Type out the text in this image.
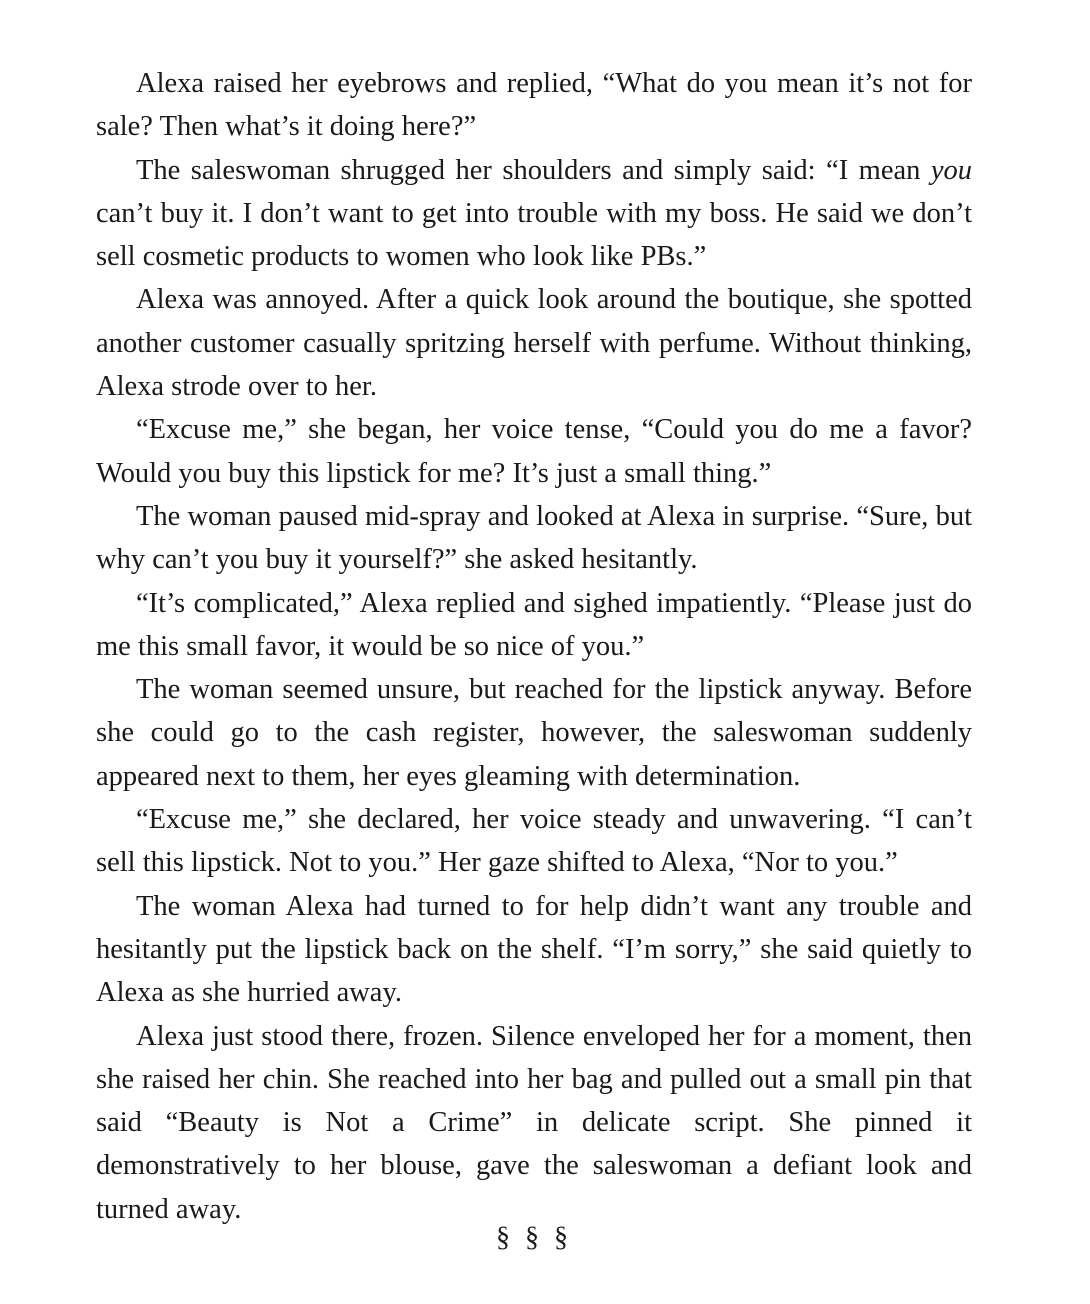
Alexa raised her eyebrows and replied, “What do you mean it’s not for sale? Then what’s it doing here?”

The saleswoman shrugged her shoulders and simply said: “I mean you can’t buy it. I don’t want to get into trouble with my boss. He said we don’t sell cosmetic products to women who look like PBs.”

Alexa was annoyed. After a quick look around the boutique, she spotted another customer casually spritzing herself with perfume. Without thinking, Alexa strode over to her.

“Excuse me,” she began, her voice tense, “Could you do me a favor? Would you buy this lipstick for me? It’s just a small thing.”

The woman paused mid-spray and looked at Alexa in surprise. “Sure, but why can’t you buy it yourself?” she asked hesitantly.

“It’s complicated,” Alexa replied and sighed impatiently. “Please just do me this small favor, it would be so nice of you.”

The woman seemed unsure, but reached for the lipstick anyway. Before she could go to the cash register, however, the saleswoman suddenly appeared next to them, her eyes gleaming with determination.

“Excuse me,” she declared, her voice steady and unwavering. “I can’t sell this lipstick. Not to you.” Her gaze shifted to Alexa, “Nor to you.”

The woman Alexa had turned to for help didn’t want any trouble and hesitantly put the lipstick back on the shelf. “I’m sorry,” she said quietly to Alexa as she hurried away.

Alexa just stood there, frozen. Silence enveloped her for a moment, then she raised her chin. She reached into her bag and pulled out a small pin that said “Beauty is Not a Crime” in delicate script. She pinned it demonstratively to her blouse, gave the saleswoman a defiant look and turned away.

§ § §
